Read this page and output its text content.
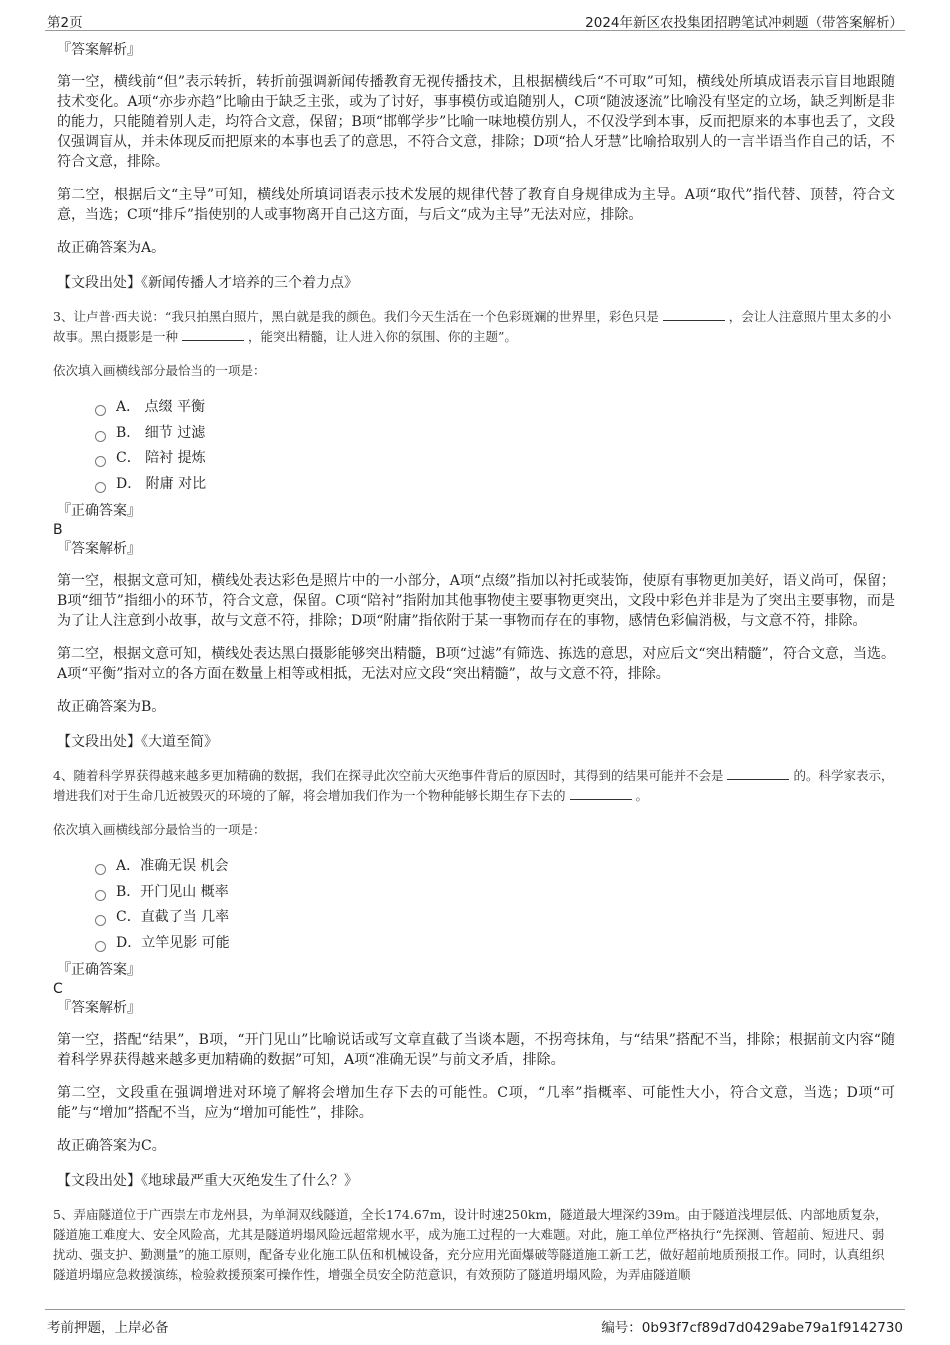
第2页	2024年新区农投集团招聘笔试冲刺题（带答案解析）

『答案解析』

第一空，横线前“但”表示转折，转折前强调新闻传播教育无视传播技术，且根据横线后“不可取”可知，横线处所填成语表示盲目地跟随技术变化。A项“亦步亦趋”比喻由于缺乏主张，或为了讨好，事事模仿或追随别人，C项“随波逐流”比喻没有坚定的立场，缺乏判断是非的能力，只能随着别人走，均符合文意，保留；B项“邯郸学步”比喻一味地模仿别人，不仅没学到本事，反而把原来的本事也丢了，文段仅强调盲从，并未体现反而把原来的本事也丢了的意思，不符合文意，排除；D项“拾人牙慧”比喻拾取别人的一言半语当作自己的话，不符合文意，排除。

第二空，根据后文“主导”可知，横线处所填词语表示技术发展的规律代替了教育自身规律成为主导。A项“取代”指代替、顶替，符合文意，当选；C项“排斥”指使别的人或事物离开自己这方面，与后文“成为主导”无法对应，排除。

故正确答案为A。

【文段出处】《新闻传播人才培养的三个着力点》

3、让卢普·西夫说：“我只拍黑白照片，黑白就是我的颜色。我们今天生活在一个色彩斑斓的世界里，彩色只是	，会让人注意照片里太多的小故事。黑白摄影是一种	，能突出精髓，让人进入你的氛围、你的主题”。

依次填入画横线部分最恰当的一项是：

A． 点缀 平衡
B． 细节 过滤
C． 陪衬 提炼
D． 附庸 对比

『正确答案』

B

『答案解析』

第一空，根据文意可知，横线处表达彩色是照片中的一小部分，A项“点缀”指加以衬托或装饰，使原有事物更加美好，语义尚可，保留；B项“细节”指细小的环节，符合文意，保留。C项“陪衬”指附加其他事物使主要事物更突出，文段中彩色并非是为了突出主要事物，而是为了让人注意到小故事，故与文意不符，排除；D项“附庸”指依附于某一事物而存在的事物，感情色彩偏消极，与文意不符，排除。

第二空，根据文意可知，横线处表达黑白摄影能够突出精髓，B项“过滤”有筛选、拣选的意思，对应后文“突出精髓”，符合文意，当选。A项“平衡”指对立的各方面在数量上相等或相抵，无法对应文段“突出精髓”，故与文意不符，排除。

故正确答案为B。

【文段出处】《大道至简》

4、随着科学界获得越来越多更加精确的数据，我们在探寻此次空前大灭绝事件背后的原因时，其得到的结果可能并不会是	的。科学家表示，增进我们对于生命几近被毁灭的环境的了解，将会增加我们作为一个物种能够长期生存下去的	。

依次填入画横线部分最恰当的一项是：

A．准确无误 机会
B．开门见山 概率
C．直截了当 几率
D．立竿见影 可能

『正确答案』

C

『答案解析』

第一空，搭配“结果”，B项，“开门见山”比喻说话或写文章直截了当谈本题，不拐弯抹角，与“结果”搭配不当，排除；根据前文内容“随着科学界获得越来越多更加精确的数据”可知，A项“准确无误”与前文矛盾，排除。

第二空，文段重在强调增进对环境了解将会增加生存下去的可能性。C项，“几率”指概率、可能性大小，符合文意，当选；D项“可能”与“增加”搭配不当，应为“增加可能性”，排除。

故正确答案为C。

【文段出处】《地球最严重大灭绝发生了什么？》

5、弄庙隧道位于广西崇左市龙州县，为单洞双线隧道，全长174.67m，设计时速250km，隧道最大埋深约39m。由于隧道浅埋层低、内部地质复杂，隧道施工难度大、安全风险高，尤其是隧道坍塌风险远超常规水平，成为施工过程的一大难题。对此，施工单位严格执行“先探测、管超前、短进尺、弱扰动、强支护、勤测量”的施工原则，配备专业化施工队伍和机械设备，充分应用光面爆破等隧道施工新工艺，做好超前地质预报工作。同时，认真组织隧道坍塌应急救援演练，检验救援预案可操作性，增强全员安全防范意识，有效预防了隧道坍塌风险，为弄庙隧道顺

考前押题，上岸必备	编号：0b93f7cf89d7d0429abe79a1f9142730
